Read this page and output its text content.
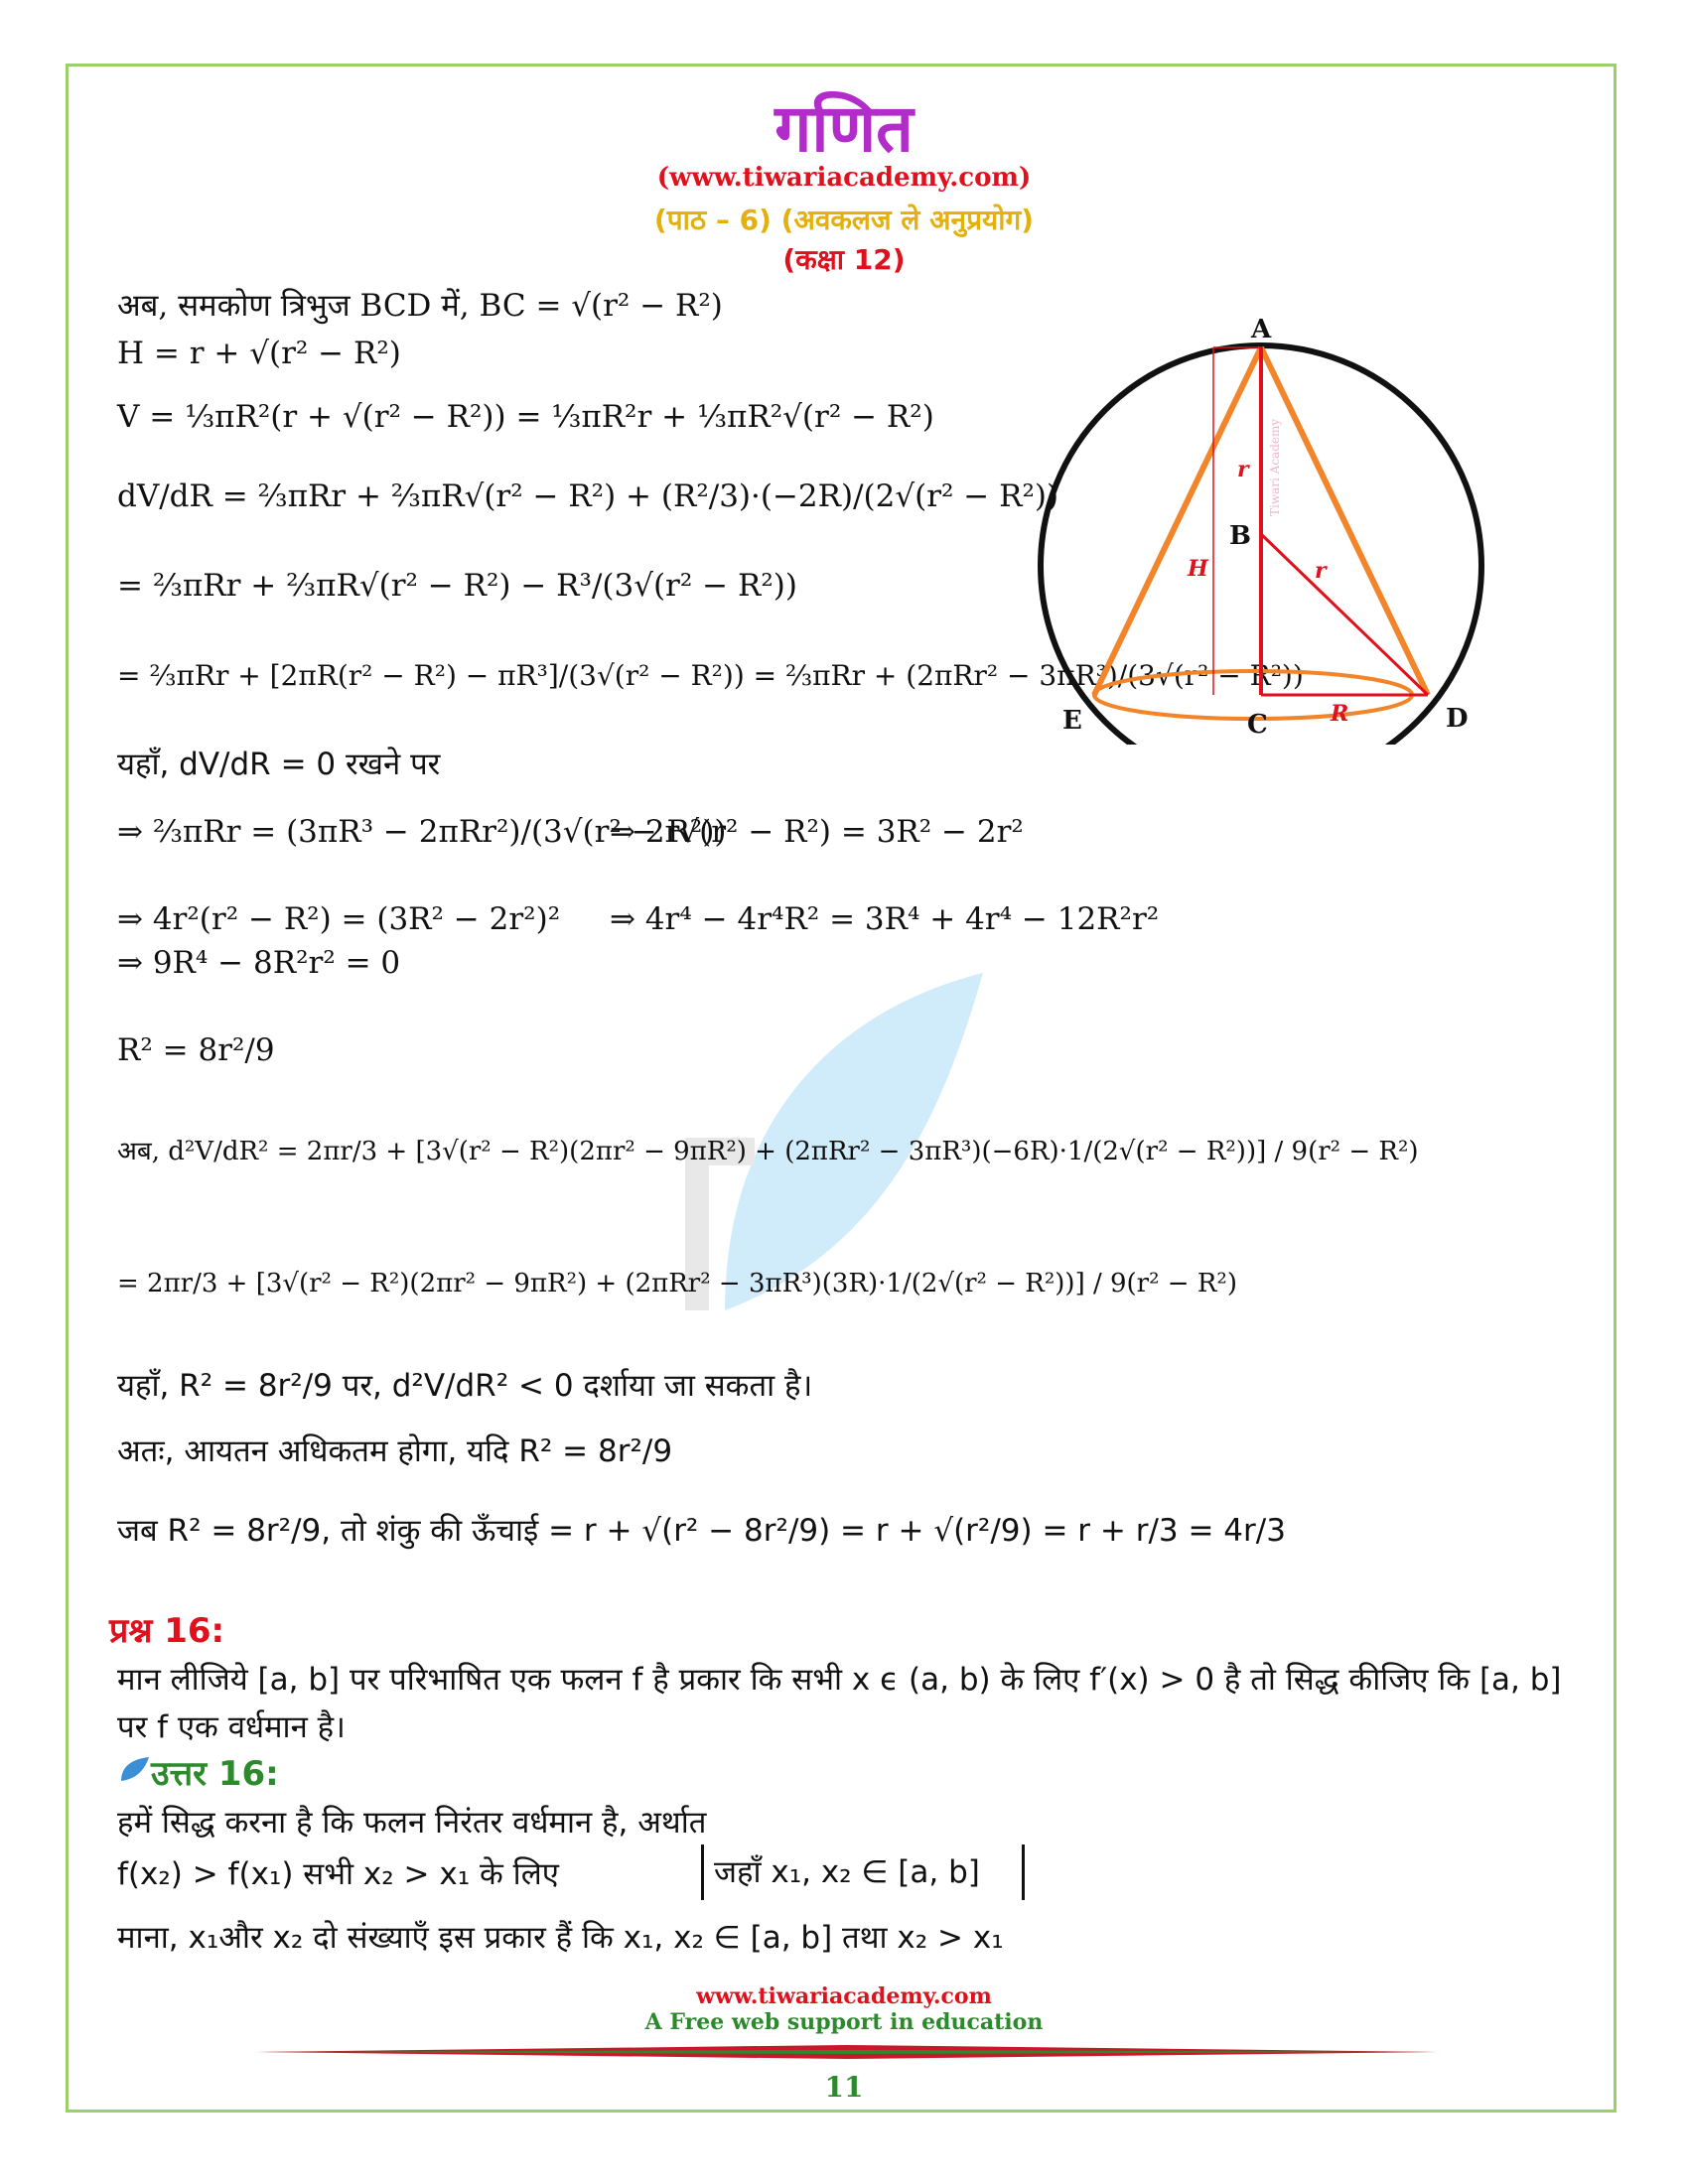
गणित
(www.tiwariacademy.com)
(पाठ – 6) (अवकलज ले अनुप्रयोग)
(कक्षा 12)
अब, समकोण त्रिभुज BCD में, BC = √(r² − R²)
H = r + √(r² − R²)
V = ⅓πR²(r + √(r² − R²)) = ⅓πR²r + ⅓πR²√(r² − R²)
dV/dR = ⅔πRr + ⅔πR√(r² − R²) + (R²/3)·(−2R)/(2√(r² − R²))
= ⅔πRr + ⅔πR√(r² − R²) − R³/(3√(r² − R²))
= ⅔πRr + [2πR(r² − R²) − πR³]/(3√(r² − R²)) = ⅔πRr + (2πRr² − 3πR³)/(3√(r² − R²))
यहाँ, dV/dR = 0 रखने पर
⇒ ⅔πRr = (3πR³ − 2πRr²)/(3√(r² − R²))
⇒ 2r√(r² − R²) = 3R² − 2r²
⇒ 4r²(r² − R²) = (3R² − 2r²)² ⇒ 4r⁴ − 4r⁴R² = 3R⁴ + 4r⁴ − 12R²r²
⇒ 9R⁴ − 8R²r² = 0
R² = 8r²/9
अब, d²V/dR² = 2πr/3 + [3√(r² − R²)(2πr² − 9πR²) + (2πRr² − 3πR³)(−6R)·1/(2√(r² − R²))] / 9(r² − R²)
= 2πr/3 + [3√(r² − R²)(2πr² − 9πR²) + (2πRr² − 3πR³)(3R)·1/(2√(r² − R²))] / 9(r² − R²)
यहाँ, R² = 8r²/9 पर, d²V/dR² < 0 दर्शाया जा सकता है।
अतः, आयतन अधिकतम होगा, यदि R² = 8r²/9
जब R² = 8r²/9, तो शंकु की ऊँचाई = r + √(r² − 8r²/9) = r + √(r²/9) = r + r/3 = 4r/3
प्रश्न 16:
मान लीजिये [a, b] पर परिभाषित एक फलन f है प्रकार कि सभी x ϵ (a, b) के लिए f′(x) > 0 है तो सिद्ध कीजिए कि [a, b] पर f एक वर्धमान है।
उत्तर 16:
हमें सिद्ध करना है कि फलन निरंतर वर्धमान है, अर्थात
f(x₂) > f(x₁) सभी x₂ > x₁ के लिए	जहाँ x₁, x₂ ∈ [a, b]
माना, x₁और x₂ दो संख्याएँ इस प्रकार हैं कि x₁, x₂ ∈ [a, b] तथा x₂ > x₁
A
B
C	D
E
r
r
H
R
Tiwari Academy
www.tiwariacademy.com
A Free web support in education
11
